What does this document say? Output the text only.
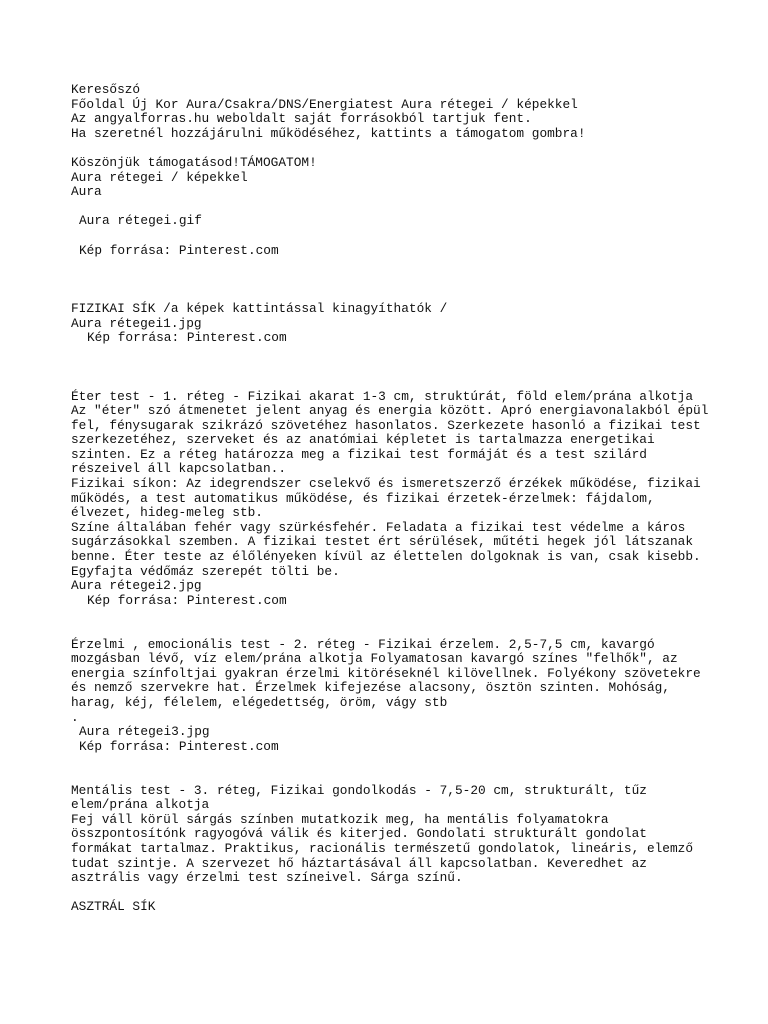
Keresőszó
Főoldal Új Kor Aura/Csakra/DNS/Energiatest Aura rétegei / képekkel
Az angyalforras.hu weboldalt saját forrásokból tartjuk fent.
Ha szeretnél hozzájárulni működéséhez, kattints a támogatom gombra!
Köszönjük támogatásod!TÁMOGATOM!
Aura rétegei / képekkel
Aura
Aura rétegei.gif
Kép forrása: Pinterest.com
FIZIKAI SÍK /a képek kattintással kinagyíthatók /
Aura rétegei1.jpg
Kép forrása: Pinterest.com
Éter test - 1. réteg - Fizikai akarat 1-3 cm, struktúrát, föld elem/prána alkotja
Az "éter" szó átmenetet jelent anyag és energia között. Apró energiavonalakból épül
fel, fénysugarak szikrázó szövetéhez hasonlatos. Szerkezete hasonló a fizikai test
szerkezetéhez, szerveket és az anatómiai képletet is tartalmazza energetikai
szinten. Ez a réteg határozza meg a fizikai test formáját és a test szilárd
részeivel áll kapcsolatban..
Fizikai síkon: Az idegrendszer cselekvő és ismeretszerző érzékek működése, fizikai
működés, a test automatikus működése, és fizikai érzetek-érzelmek: fájdalom,
élvezet, hideg-meleg stb.
Színe általában fehér vagy szürkésfehér. Feladata a fizikai test védelme a káros
sugárzásokkal szemben. A fizikai testet ért sérülések, műtéti hegek jól látszanak
benne. Éter teste az élőlényeken kívül az élettelen dolgoknak is van, csak kisebb.
Egyfajta védőmáz szerepét tölti be.
Aura rétegei2.jpg
Kép forrása: Pinterest.com
Érzelmi , emocionális test - 2. réteg - Fizikai érzelem. 2,5-7,5 cm, kavargó
mozgásban lévő, víz elem/prána alkotja Folyamatosan kavargó színes "felhők", az
energia színfoltjai gyakran érzelmi kitöréseknél kilövellnek. Folyékony szövetekre
és nemző szervekre hat. Érzelmek kifejezése alacsony, ösztön szinten. Mohóság,
harag, kéj, félelem, elégedettség, öröm, vágy stb
.
Aura rétegei3.jpg
Kép forrása: Pinterest.com
Mentális test - 3. réteg, Fizikai gondolkodás - 7,5-20 cm, strukturált, tűz
elem/prána alkotja
Fej váll körül sárgás színben mutatkozik meg, ha mentális folyamatokra
összpontosítónk ragyogóvá válik és kiterjed. Gondolati strukturált gondolat
formákat tartalmaz. Praktikus, racionális természetű gondolatok, lineáris, elemző
tudat szintje. A szervezet hő háztartásával áll kapcsolatban. Keveredhet az
asztrális vagy érzelmi test színeivel. Sárga színű.
ASZTRÁL SÍK
